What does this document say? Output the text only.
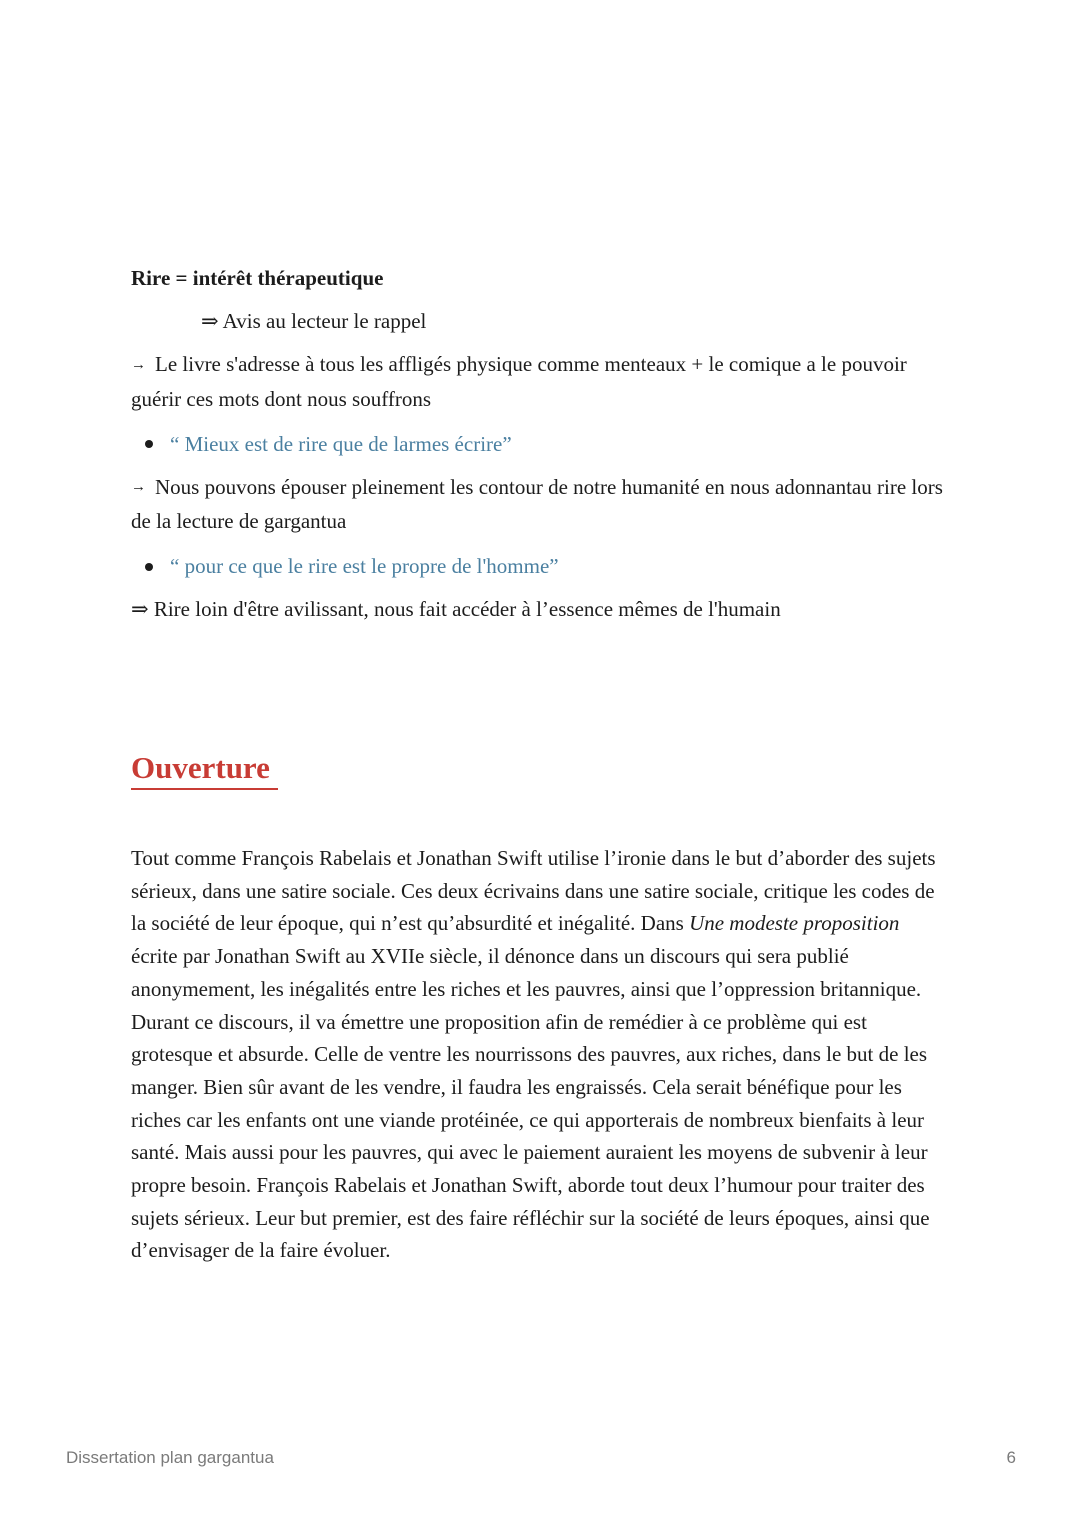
Rire = intérêt thérapeutique

⇒ Avis au lecteur le rappel

→ Le livre s'adresse à tous les affligés physique comme menteaux + le comique a le pouvoir guérir ces mots dont nous souffrons

“ Mieux est de rire que de larmes écrire”

→ Nous pouvons épouser pleinement les contour de notre humanité en nous adonnantau rire lors de la lecture de gargantua

“ pour ce que le rire est le propre de l'homme”

⇒ Rire loin d'être avilissant, nous fait accéder à l’essence mêmes de l'humain

Ouverture

Tout comme François Rabelais et Jonathan Swift utilise l’ironie dans le but d’aborder des sujets sérieux, dans une satire sociale. Ces deux écrivains dans une satire sociale, critique les codes de la société de leur époque, qui n’est qu’absurdité et inégalité. Dans Une modeste proposition écrite par Jonathan Swift au XVIIe siècle, il dénonce dans un discours qui sera publié anonymement, les inégalités entre les riches et les pauvres, ainsi que l’oppression britannique. Durant ce discours, il va émettre une proposition afin de remédier à ce problème qui est grotesque et absurde. Celle de ventre les nourrissons des pauvres, aux riches, dans le but de les manger. Bien sûr avant de les vendre, il faudra les engraissés. Cela serait bénéfique pour les riches car les enfants ont une viande protéinée, ce qui apporterais de nombreux bienfaits à leur santé. Mais aussi pour les pauvres, qui avec le paiement auraient les moyens de subvenir à leur propre besoin. François Rabelais et Jonathan Swift, aborde tout deux l’humour pour traiter des sujets sérieux. Leur but premier, est des faire réfléchir sur la société de leurs époques, ainsi que d’envisager de la faire évoluer.

Dissertation plan gargantua	6
